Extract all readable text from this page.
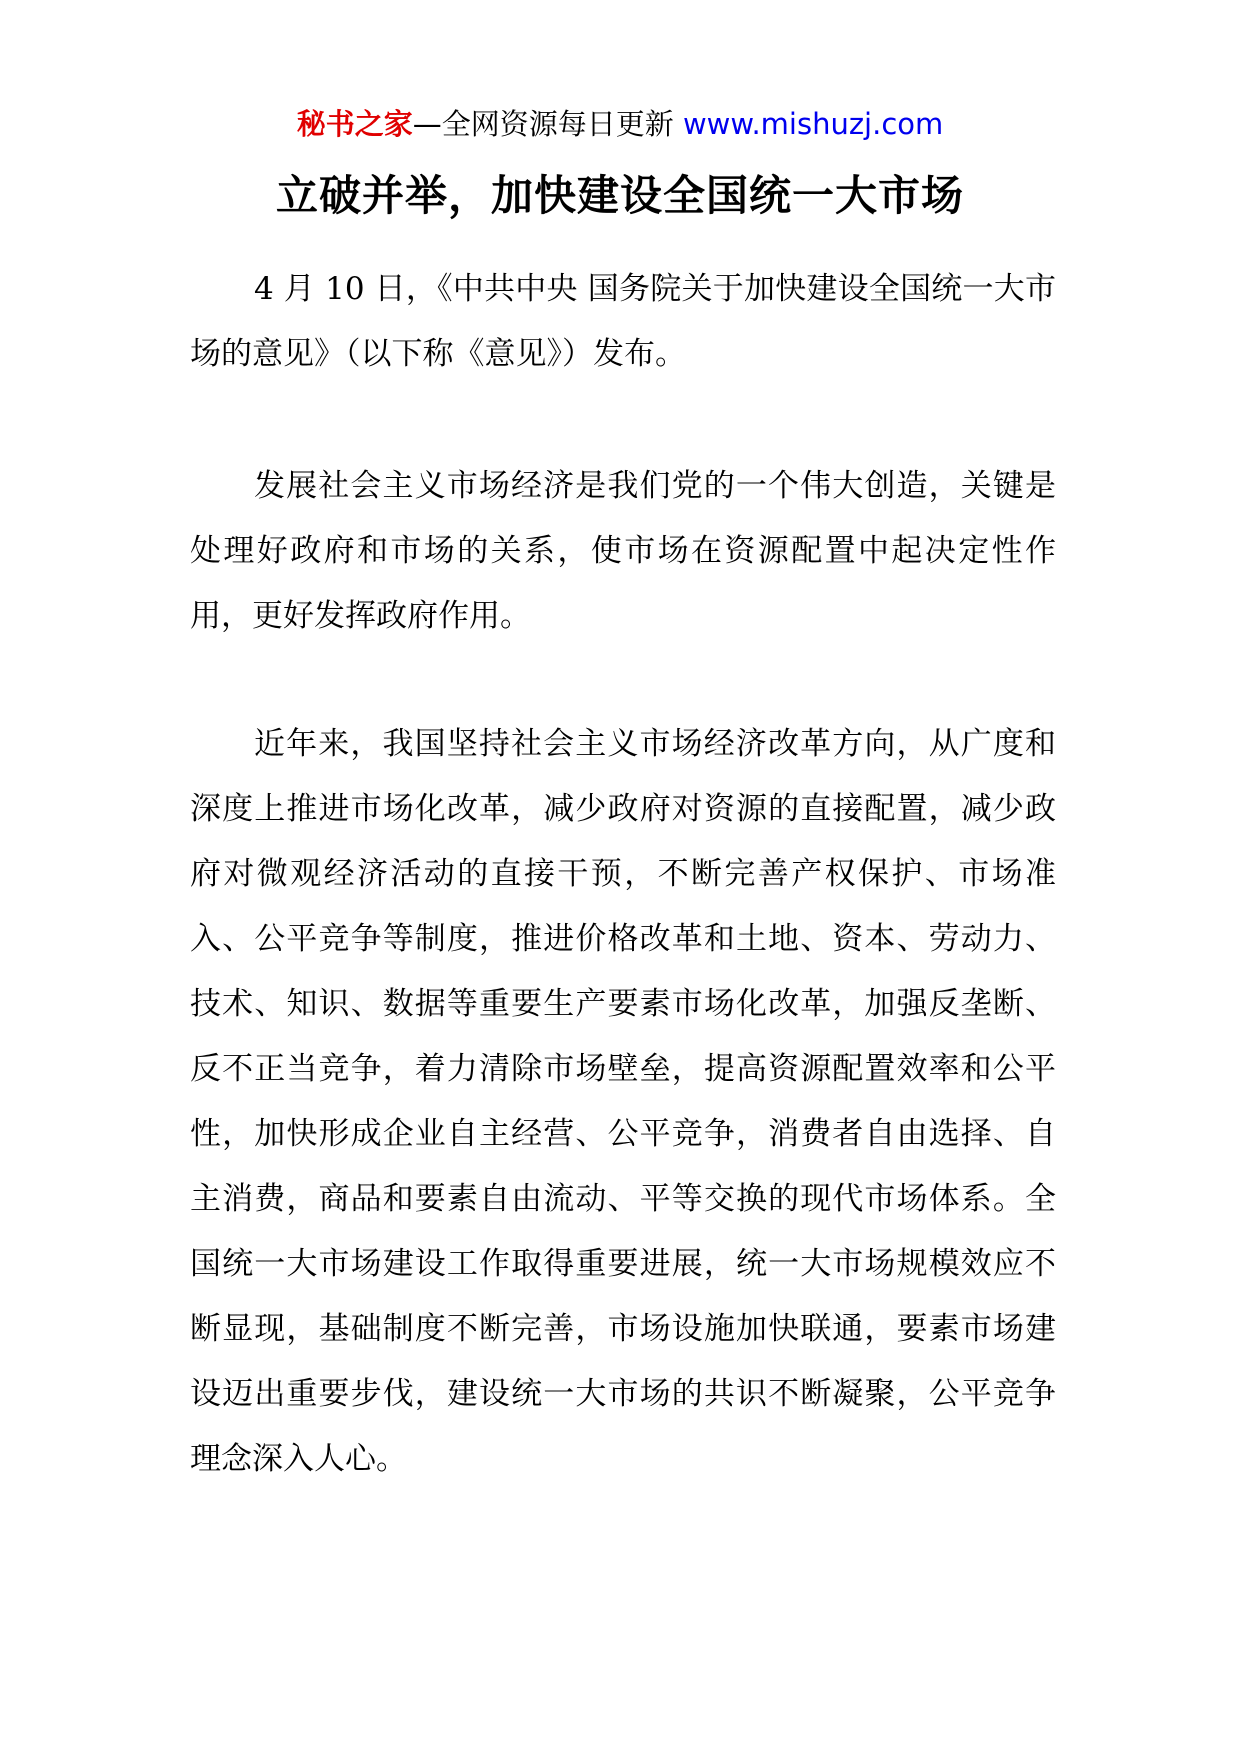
秘书之家—全网资源每日更新 www.mishuzj.com
立破并举，加快建设全国统一大市场

4 月 10 日，《中共中央 国务院关于加快建设全国统一大市场的意见》（以下称《意见》）发布。

发展社会主义市场经济是我们党的一个伟大创造，关键是处理好政府和市场的关系，使市场在资源配置中起决定性作用，更好发挥政府作用。

近年来，我国坚持社会主义市场经济改革方向，从广度和深度上推进市场化改革，减少政府对资源的直接配置，减少政府对微观经济活动的直接干预，不断完善产权保护、市场准入、公平竞争等制度，推进价格改革和土地、资本、劳动力、技术、知识、数据等重要生产要素市场化改革，加强反垄断、反不正当竞争，着力清除市场壁垒，提高资源配置效率和公平性，加快形成企业自主经营、公平竞争，消费者自由选择、自主消费，商品和要素自由流动、平等交换的现代市场体系。全国统一大市场建设工作取得重要进展，统一大市场规模效应不断显现，基础制度不断完善，市场设施加快联通，要素市场建设迈出重要步伐，建设统一大市场的共识不断凝聚，公平竞争理念深入人心。
